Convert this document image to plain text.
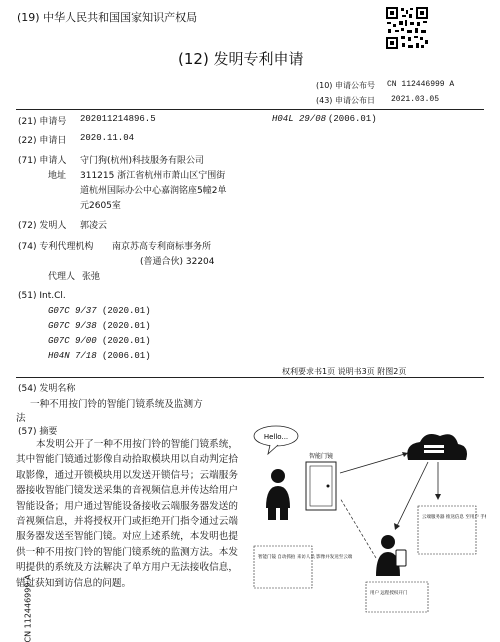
(19) 中华人民共和国国家知识产权局
(12) 发明专利申请
(10) 申请公布号 CN 112446999 A
(43) 申请公布日 2021.03.05
(21) 申请号 202011214896.5	H04L 29/08 (2006.01)
(22) 申请日 2020.11.04
(71) 申请人 守门狗(杭州)科技服务有限公司
地址 311215 浙江省杭州市萧山区宁围街
道杭州国际办公中心嘉润铭座5幢2单
元2605室
(72) 发明人 郭凌云
(74) 专利代理机构 南京苏高专利商标事务所
(普通合伙) 32204
代理人 张弛
(51) Int.Cl.
G07C 9/37 (2020.01)
G07C 9/38 (2020.01)
G07C 9/00 (2020.01)
H04N 7/18 (2006.01)
权利要求书1页 说明书3页 附图2页
(54) 发明名称
一种不用按门铃的智能门镜系统及监测方
法
(57) 摘要
本发明公开了一种不用按门铃的智能门镜系统，其中智能门镜通过影像自动拾取模块用以自动判定拾取影像，通过开锁模块用以发送开锁信号；云端服务器接收智能门镜发送采集的音视频信息并传达给用户智能设备；用户通过智能设备接收云端服务器发送的音视频信息，并将授权开门或拒绝开门指令通过云端服务器发送至智能门镜。对应上述系统，本发明也提供一种不用按门铃的智能门镜系统的监测方法。本发明提供的系统及方法解决了单方用户无法接收信息，错过获知到访信息的问题。
CN 112446999 A
Hello...
智能门镜
智能门镜 自动抓拍 来访人员 影像并发送至云端
云端服务器 推送信息 至用户 手机
用户 远程授权开门
